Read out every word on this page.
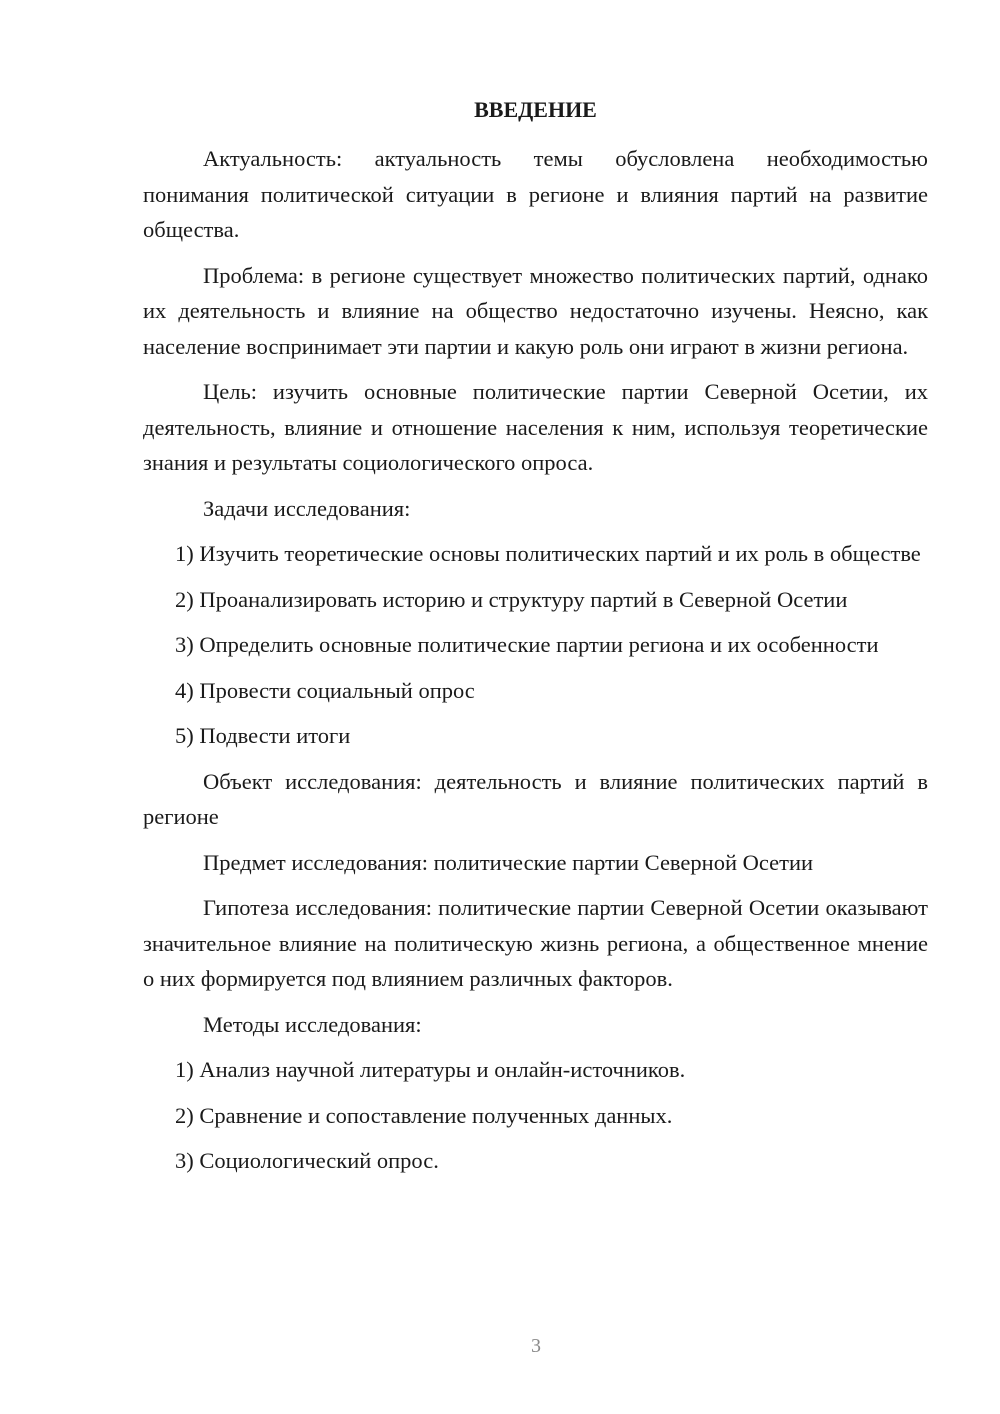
ВВЕДЕНИЕ

Актуальность: актуальность темы обусловлена необходимостью понимания политической ситуации в регионе и влияния партий на развитие общества.

Проблема: в регионе существует множество политических партий, однако их деятельность и влияние на общество недостаточно изучены. Неясно, как население воспринимает эти партии и какую роль они играют в жизни региона.

Цель: изучить основные политические партии Северной Осетии, их деятельность, влияние и отношение населения к ним, используя теоретические знания и результаты социологического опроса.

Задачи исследования:

1) Изучить теоретические основы политических партий и их роль в обществе

2) Проанализировать историю и структуру партий в Северной Осетии

3) Определить основные политические партии региона и их особенности

4) Провести социальный опрос

5) Подвести итоги

Объект исследования: деятельность и влияние политических партий в регионе

Предмет исследования: политические партии Северной Осетии

Гипотеза исследования: политические партии Северной Осетии оказывают значительное влияние на политическую жизнь региона, а общественное мнение о них формируется под влиянием различных факторов.

Методы исследования:

1) Анализ научной литературы и онлайн-источников.

2) Сравнение и сопоставление полученных данных.

3) Социологический опрос.

3
